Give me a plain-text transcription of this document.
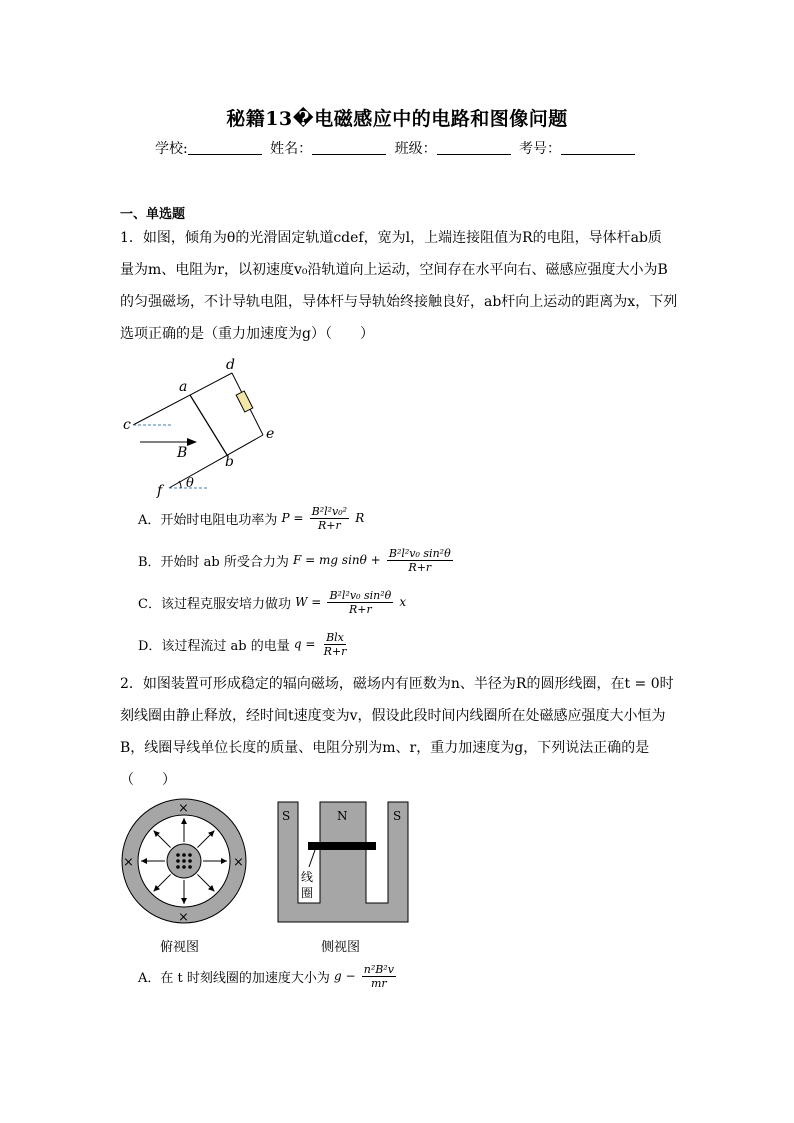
秘籍13�电磁感应中的电路和图像问题
学校:	姓名：	班级：	考号：
一、单选题

1．如图，倾角为θ的光滑固定轨道cdef，宽为l，上端连接阻值为R的电阻，导体杆ab质

量为m、电阻为r，以初速度v₀沿轨道向上运动，空间存在水平向右、磁感应强度大小为B

的匀强磁场，不计导轨电阻，导体杆与导轨始终接触良好，ab杆向上运动的距离为x，下列

选项正确的是（重力加速度为g）（　　）

c
d
a
e
b
B
f θ
A．开始时电阻电功率为 $P = \frac{\text{B²l²v₀²}}{R+r}$ R
B．开始时 ab 所受合力为 F = mg $\sin\theta + \frac{\text{B²l²v₀ sin²θ}}{R+r}$
C．该过程克服安培力做功 $W = \frac{\text{B²l²v₀ sin²θ}}{R+r}$ x
D．该过程流过 ab 的电量 $q = \frac{\text{Blx}}{R+r}$

2．如图装置可形成稳定的辐向磁场，磁场内有匝数为n、半径为R的圆形线圈，在t = 0时

刻线圈由静止释放，经时间t速度变为v，假设此段时间内线圈所在处磁感应强度大小恒为

B，线圈导线单位长度的质量、电阻分别为m、r，重力加速度为g，下列说法正确的是

（　　）

×
×
×	×
俯视图
S	N	S
线
圈
侧视图
A．在 t 时刻线圈的加速度大小为 $g - \frac{\text{n²B²v}}{mr}$
